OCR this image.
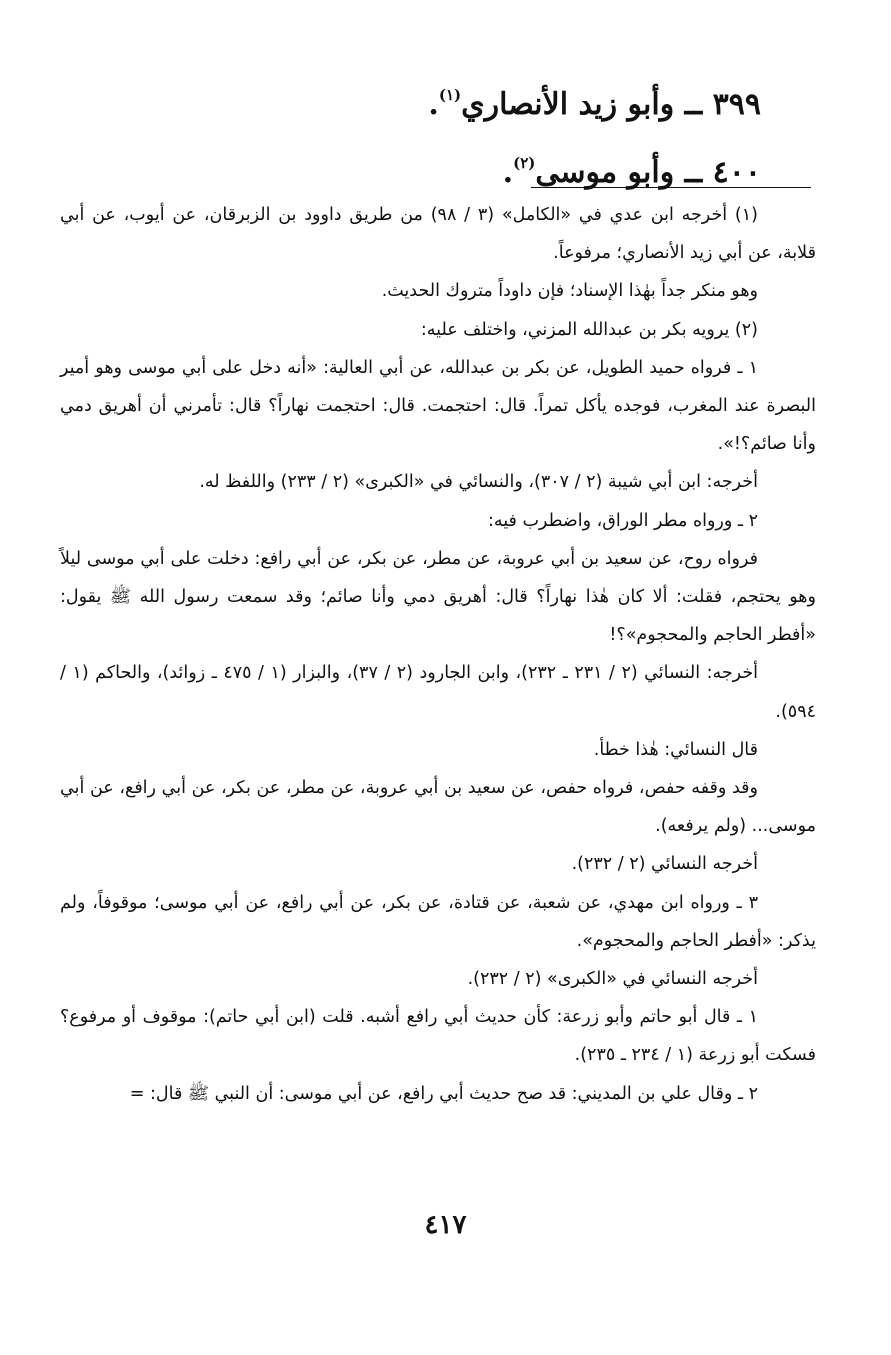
٣٩٩ ــ وأبو زيد الأنصاري$^{(١)}$.

٤٠٠ ــ وأبو موسى$^{(٢)}$.

(١) أخرجه ابن عدي في «الكامل» (٣ / ٩٨) من طريق داوود بن الزبرقان، عن أيوب، عن أبي قلابة، عن أبي زيد الأنصاري؛ مرفوعاً.

وهو منكر جداً بهٰذا الإسناد؛ فإن داوداً متروك الحديث.

(٢) يرويه بكر بن عبدالله المزني، واختلف عليه:

١ ـ فرواه حميد الطويل، عن بكر بن عبدالله، عن أبي العالية: «أنه دخل على أبي موسى وهو أمير البصرة عند المغرب، فوجده يأكل تمراً. قال: احتجمت. قال: احتجمت نهاراً؟ قال: تأمرني أن أهريق دمي وأنا صائم؟!».

أخرجه: ابن أبي شيبة (٢ / ٣٠٧)، والنسائي في «الكبرى» (٢ / ٢٣٣) واللفظ له.

٢ ـ ورواه مطر الوراق، واضطرب فيه:

فرواه روح، عن سعيد بن أبي عروبة، عن مطر، عن بكر، عن أبي رافع: دخلت على أبي موسى ليلاً وهو يحتجم، فقلت: ألا كان هٰذا نهاراً؟ قال: أهريق دمي وأنا صائم؛ وقد سمعت رسول الله ﷺ يقول: «أفطر الحاجم والمحجوم»؟!

أخرجه: النسائي (٢ / ٢٣١ ـ ٢٣٢)، وابن الجارود (٢ / ٣٧)، والبزار (١ / ٤٧٥ ـ زوائد)، والحاكم (١ / ٥٩٤).

قال النسائي: هٰذا خطأ.

وقد وقفه حفص، فرواه حفص، عن سعيد بن أبي عروبة، عن مطر، عن بكر، عن أبي رافع، عن أبي موسى... (ولم يرفعه).

أخرجه النسائي (٢ / ٢٣٢).

٣ ـ ورواه ابن مهدي، عن شعبة، عن قتادة، عن بكر، عن أبي رافع، عن أبي موسى؛ موقوفاً، ولم يذكر: «أفطر الحاجم والمحجوم».

أخرجه النسائي في «الكبرى» (٢ / ٢٣٢).

١ ـ قال أبو حاتم وأبو زرعة: كأن حديث أبي رافع أشبه. قلت (ابن أبي حاتم): موقوف أو مرفوع؟ فسكت أبو زرعة (١ / ٢٣٤ ـ ٢٣٥).

٢ ـ وقال علي بن المديني: قد صح حديث أبي رافع، عن أبي موسى: أن النبي ﷺ قال: =

٤١٧
